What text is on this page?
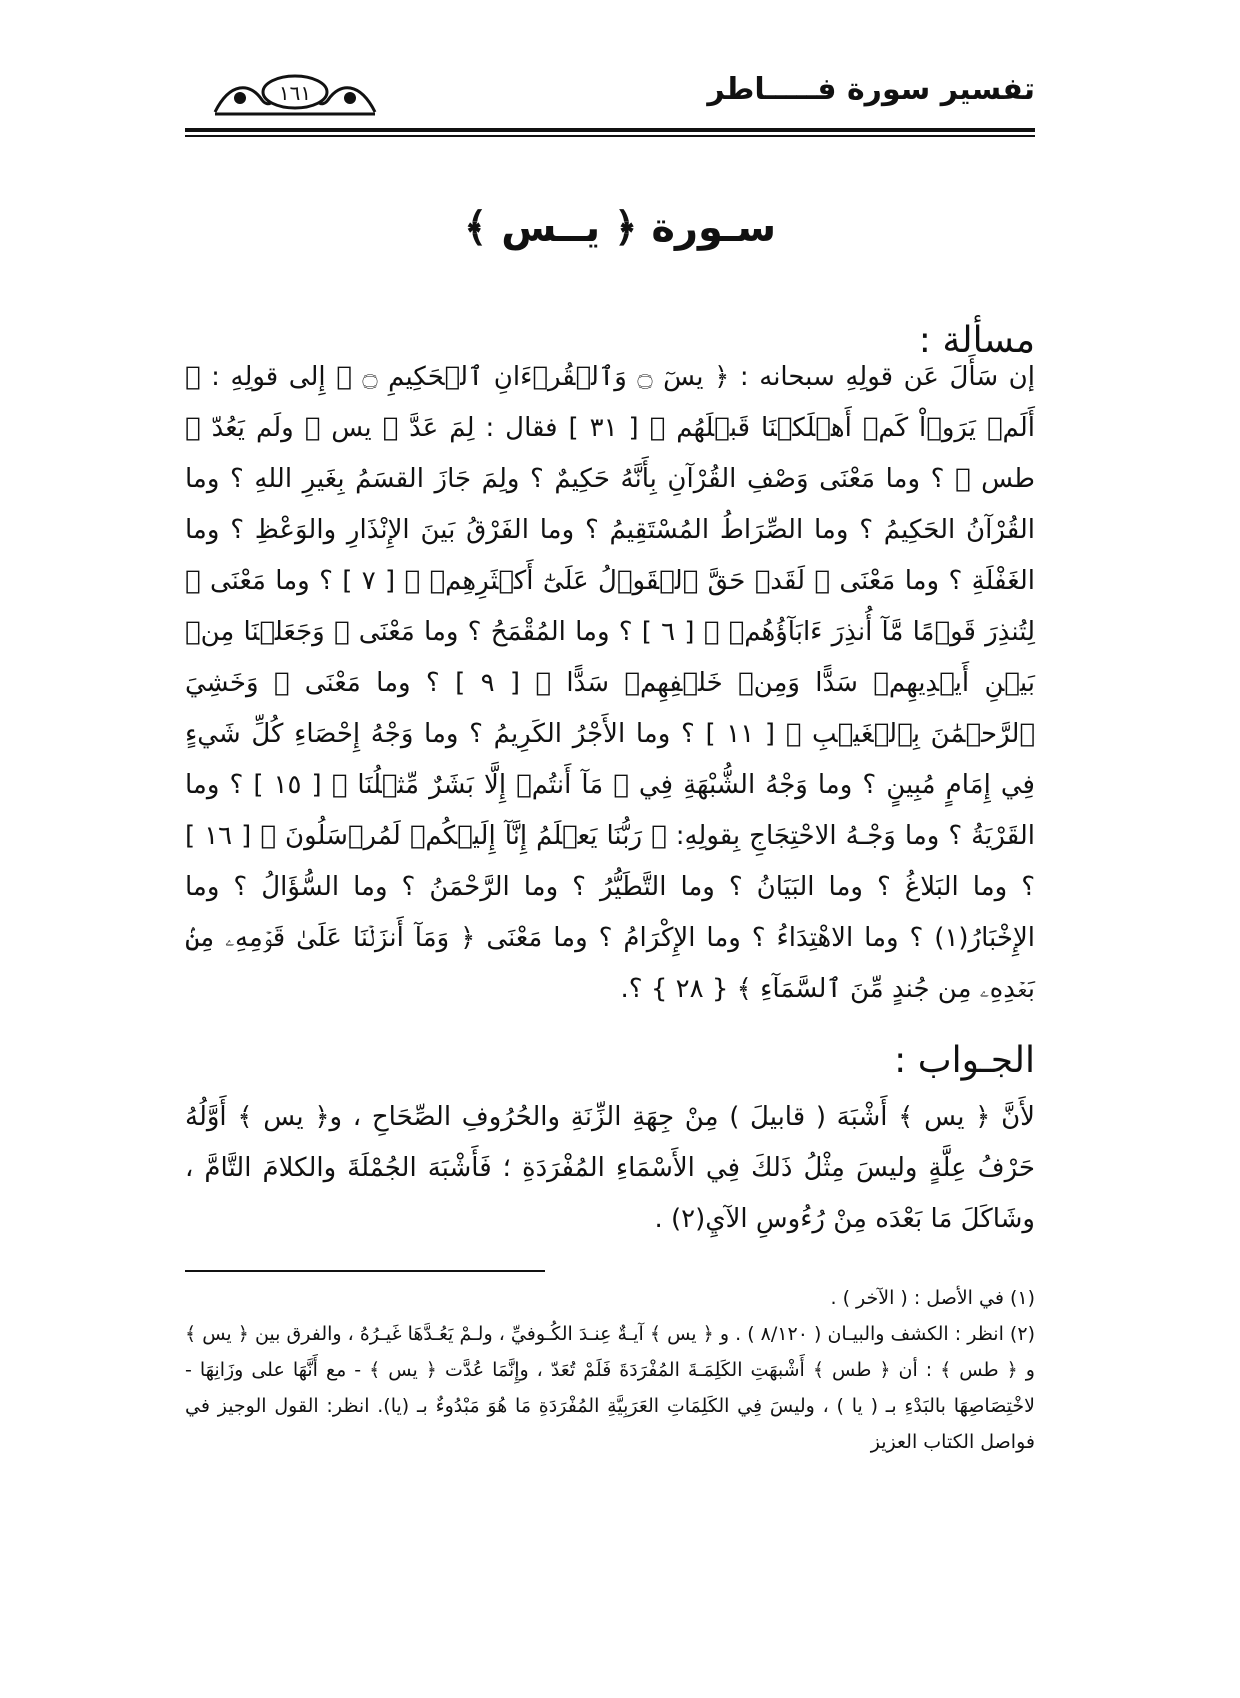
تفسير سورة فـــــاطر
١٦١
سـورة ﴿ يــس ﴾
مسألة :
إن سَأَلَ عَن قولِهِ سبحانه : ﴿ يسٓ ۝ وَٱلۡقُرۡءَانِ ٱلۡحَكِيمِ ۝ ﴾ إِلى قولِهِ : ﴿ أَلَمۡ يَرَوۡاْ كَمۡ أَهۡلَكۡنَا قَبۡلَهُم ﴾ [ ٣١ ] فقال : لِمَ عَدَّ ﴿ يس ﴾ ولَم يَعُدّ ﴿ طس ﴾ ؟ وما مَعْنَى وَصْفِ القُرْآنِ بِأَنَّهُ حَكِيمٌ ؟ ولِمَ جَازَ القسَمُ بِغَيرِ اللهِ ؟ وما القُرْآنُ الحَكِيمُ ؟ وما الصِّرَاطُ المُسْتَقِيمُ ؟ وما الفَرْقُ بَينَ الإِنْذَارِ والوَعْظِ ؟ وما الغَفْلَةِ ؟ وما مَعْنَى ﴿ لَقَدۡ حَقَّ ٱلۡقَوۡلُ عَلَىٰٓ أَكۡثَرِهِمۡ ﴾ [ ٧ ] ؟ وما مَعْنَى ﴿ لِتُنذِرَ قَوۡمًا مَّآ أُنذِرَ ءَابَآؤُهُمۡ ﴾ [ ٦ ] ؟ وما المُقْمَحُ ؟ وما مَعْنَى ﴿ وَجَعَلۡنَا مِنۢ بَيۡنِ أَيۡدِيهِمۡ سَدًّا وَمِنۡ خَلۡفِهِمۡ سَدًّا ﴾ [ ٩ ] ؟ وما مَعْنَى ﴿ وَخَشِيَ ٱلرَّحۡمَٰنَ بِٱلۡغَيۡبِ ﴾ [ ١١ ] ؟ وما الأَجْرُ الكَرِيمُ ؟ وما وَجْهُ إِحْصَاءِ كُلِّ شَيءٍ فِي إِمَامٍ مُبِينٍ ؟ وما وَجْهُ الشُّبْهَةِ فِي ﴿ مَآ أَنتُمۡ إِلَّا بَشَرٌ مِّثۡلُنَا ﴾ [ ١٥ ] ؟ وما القَرْيَةُ ؟ وما وَجْـهُ الاحْتِجَاجِ بِقولِهِ: ﴿ رَبُّنَا يَعۡلَمُ إِنَّآ إِلَيۡكُمۡ لَمُرۡسَلُونَ ﴾ [ ١٦ ] ؟ وما البَلاغُ ؟ وما البَيَانُ ؟ وما التَّطَيُّرُ ؟ وما الرَّحْمَنُ ؟ وما السُّؤَالُ ؟ وما الإِخْبَارُ(١) ؟ وما الاهْتِدَاءُ ؟ وما الإِكْرَامُ ؟ وما مَعْنَى ﴿ وَمَآ أَنزَلۡنَا عَلَىٰ قَوۡمِهِۦ مِنۢ بَعۡدِهِۦ مِن جُندٍ مِّنَ ٱلسَّمَآءِ ﴾ { ٢٨ } ؟.
الجـواب :
لأَنَّ ﴿ يس ﴾ أَشْبَهَ ( قابيلَ ) مِنْ جِهَةِ الزِّنَةِ والحُرُوفِ الصِّحَاحِ ، و﴿ يس ﴾ أَوَّلُهُ حَرْفُ عِلَّةٍ وليسَ مِثْلُ ذَلكَ فِي الأَسْمَاءِ المُفْرَدَةِ ؛ فَأَشْبَهَ الجُمْلَةَ والكلامَ التَّامَّ ، وشَاكَلَ مَا بَعْدَه مِنْ رُءُوسِ الآيِ(٢) .

(١) في الأصل : ( الآخر ) .

(٢) انظر : الكشف والبيـان ( ٨/١٢٠ ) . و ﴿ يس ﴾ آيـةٌ عِنـدَ الكُـوفيِّ ، ولـمْ يَعُـدَّهَا غَيـرُهُ ، والفرق بين ﴿ يس ﴾ و ﴿ طس ﴾ : أن ﴿ طس ﴾ أَشْبهَتِ الكَلِمَـةَ المُفْرَدَةَ فَلَمْ تُعَدّ ، وإِنَّمَا عُدَّت ﴿ يس ﴾ - مع أَنَّهَا على وزَانِهَا - لاخْتِصَاصِهَا بالبَدْءِ بـ ( يا ) ، وليسَ فِي الكَلِمَاتِ العَرَبِيَّةِ المُفْرَدَةِ مَا هُوَ مَبْدُوءٌ بـ (يا). انظر: القول الوجيز في فواصل الكتاب العزيز
